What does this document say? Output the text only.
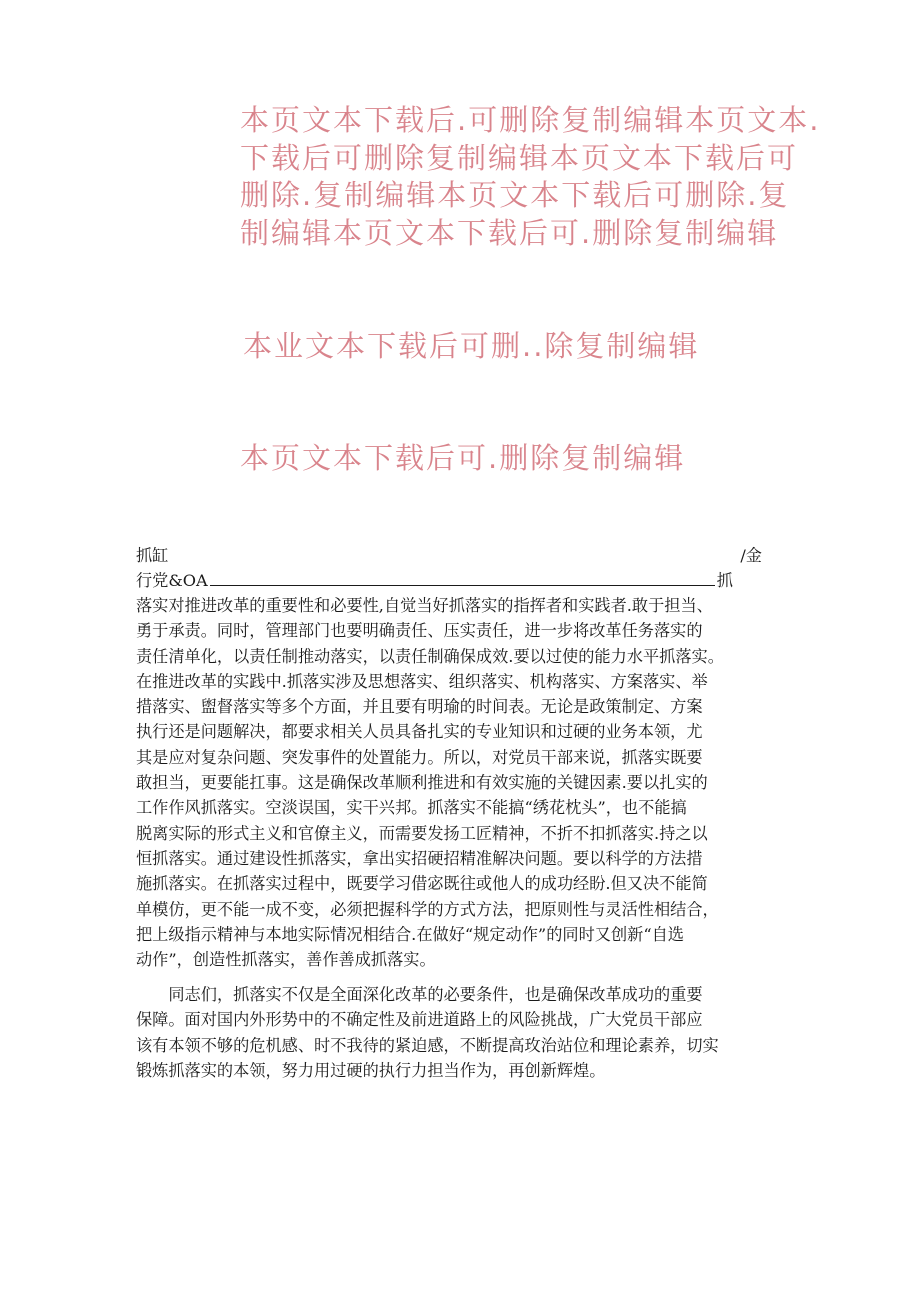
本页文本下载后.可删除复制编辑本页文本.
下载后可删除复制编辑本页文本下载后可
删除.复制编辑本页文本下载后可删除.复
制编辑本页文本下载后可.删除复制编辑
本业文本下载后可删..除复制编辑
本页文本下载后可.删除复制编辑
抓缸	/金
行党&OA	抓
落实对推进改革的重要性和必要性,自觉当好抓落实的指挥者和实践者.敢于担当、
勇于承责。同时，管理部门也要明确责任、压实责任，进一步将改革任务落实的
责任清单化，以责任制推动落实，以责任制确保成效.要以过使的能力水平抓落实。
在推进改革的实践中.抓落实涉及思想落实、组织落实、机构落实、方案落实、举
措落实、盥督落实等多个方面，并且要有明瑜的时间表。无论是政策制定、方案
执行还是问题解决，都要求相关人员具备扎实的专业知识和过硬的业务本领，尤
其是应对复杂问题、突发事件的处置能力。所以，对党员干部来说，抓落实既要
敢担当，更要能扛事。这是确保改革顺利推进和有效实施的关键因素.要以扎实的
工作作风抓落实。空淡误国，实干兴邦。抓落实不能搞“绣花枕头”，也不能搞
脱离实际的形式主义和官僚主义，而需要发扬工匠精神，不折不扣抓落实.持之以
恒抓落实。通过建设性抓落实，拿出实招硬招精准解决问题。要以科学的方法措
施抓落实。在抓落实过程中，既要学习借宓既往或他人的成功经盼.但又决不能简
单模仿，更不能一成不变，必须把握科学的方式方法，把原则性与灵活性相结合，
把上级指示精神与本地实际情况相结合.在做好“规定动作”的同时又创新“自选
动作”，创造性抓落实，善作善成抓落实。
同志们，抓落实不仅是全面深化改革的必要条件，也是确保改革成功的重要
保障。面对国内外形势中的不确定性及前进道路上的风险挑战，广大党员干部应
该有本领不够的危机感、时不我待的紧迫感，不断提高玫治站位和理论素养，切实
锻炼抓落实的本领，努力用过硬的执行力担当作为，再创新辉煌。
